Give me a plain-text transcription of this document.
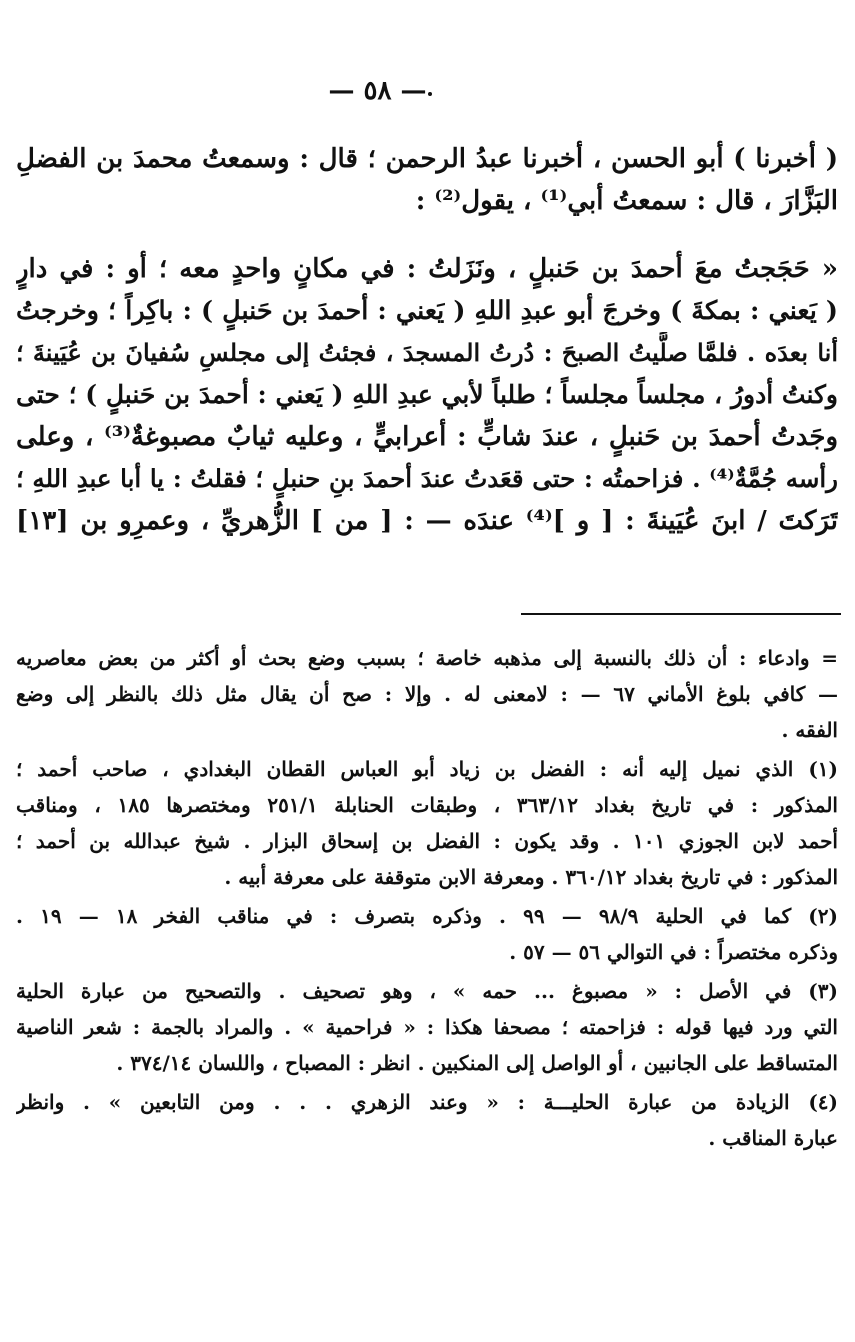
— ٥٨ —
( أخبرنا ) أبو الحسن ، أخبرنا عبدُ الرحمن ؛ قال : وسمعتُ محمدَ بن الفضلِ
البَزَّارَ ، قال : سمعتُ أبي⁽¹⁾ ، يقول⁽²⁾ :
« حَجَجتُ معَ أحمدَ بن حَنبلٍ ، ونَزَلتُ : في مكانٍ واحدٍ معه ؛ أو : في دارٍ
( يَعني : بمكةَ ) وخرجَ أبو عبدِ اللهِ ( يَعني : أحمدَ بن حَنبلٍ ) : باكِراً ؛ وخرجتُ
أنا بعدَه . فلمَّا صلَّيتُ الصبحَ : دُرتُ المسجدَ ، فجئتُ إلى مجلسِ سُفيانَ بن عُيَينةَ ؛
وكنتُ أدورُ ، مجلساً مجلساً ؛ طلباً لأبي عبدِ اللهِ ( يَعني : أحمدَ بن حَنبلٍ ) ؛ حتى
وجَدتُ أحمدَ بن حَنبلٍ ، عندَ شابٍّ : أعرابيٍّ ، وعليه ثيابٌ مصبوغةٌ⁽³⁾ ، وعلى
رأسه جُمَّةٌ⁽⁴⁾ . فزاحمتُه : حتى قعَدتُ عندَ أحمدَ بنِ حنبلٍ ؛ فقلتُ : يا أبا عبدِ اللهِ ؛
تَرَكتَ / ابنَ عُيَينةَ : [ و ]⁽⁴⁾ عندَه — : [ من ] الزُّهريِّ ، وعمرِو بن [١٣]
= وادعاء : أن ذلك بالنسبة إلى مذهبه خاصة ؛ بسبب وضع بحث أو أكثر من بعض معاصريه
— كافي بلوغ الأماني ٦٧ — : لامعنى له . وإلا : صح أن يقال مثل ذلك بالنظر إلى وضع
الفقه .
(١) الذي نميل إليه أنه : الفضل بن زياد أبو العباس القطان البغدادي ، صاحب أحمد ؛
المذكور : في تاريخ بغداد ٣٦٣/١٢ ، وطبقات الحنابلة ٢٥١/١ ومختصرها ١٨٥ ، ومناقب
أحمد لابن الجوزي ١٠١ . وقد يكون : الفضل بن إسحاق البزار . شيخ عبدالله بن أحمد ؛
المذكور : في تاريخ بغداد ٣٦٠/١٢ . ومعرفة الابن متوقفة على معرفة أبيه .
(٢) كما في الحلية ٩٨/٩ — ٩٩ . وذكره بتصرف : في مناقب الفخر ١٨ — ١٩ .
وذكره مختصراً : في التوالي ٥٦ — ٥٧ .
(٣) في الأصل : « مصبوغ ... حمه » ، وهو تصحيف . والتصحيح من عبارة الحلية
التي ورد فيها قوله : فزاحمته ؛ مصحفا هكذا : « فراحمية » . والمراد بالجمة : شعر الناصية
المتساقط على الجانبين ، أو الواصل إلى المنكبين . انظر : المصباح ، واللسان ٣٧٤/١٤ .
(٤) الزيادة من عبارة الحليـــة : « وعند الزهري . . . ومن التابعين » . وانظر
عبارة المناقب .
